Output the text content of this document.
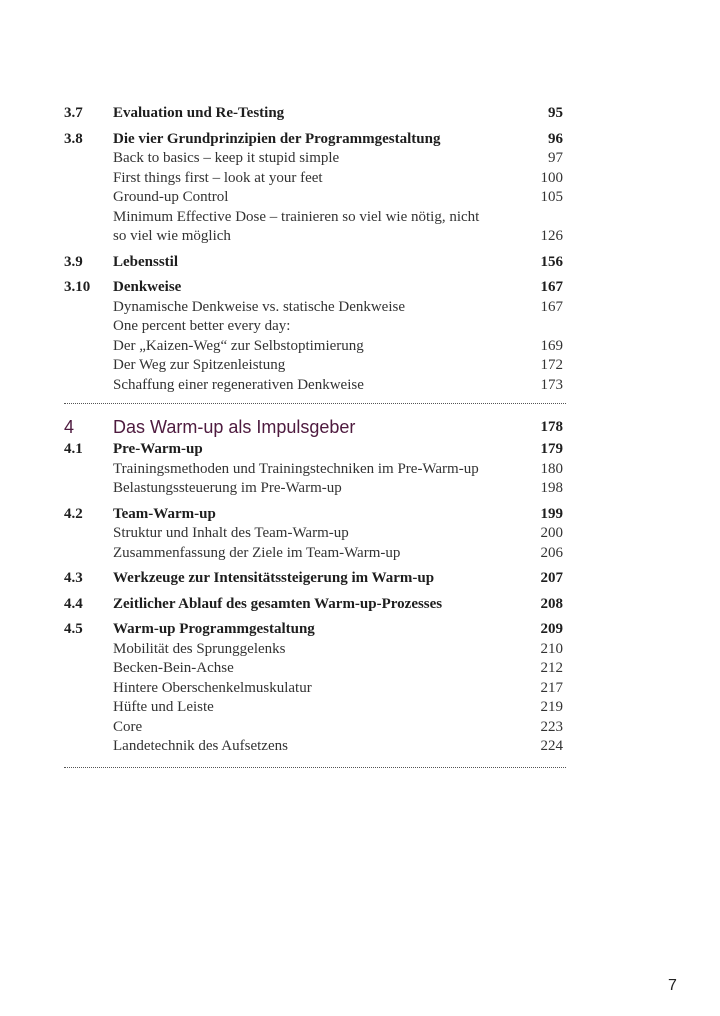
3.7 Evaluation und Re-Testing	95
3.8 Die vier Grundprinzipien der Programmgestaltung	96
Back to basics – keep it stupid simple	97
First things first – look at your feet	100
Ground-up Control	105
Minimum Effective Dose – trainieren so viel wie nötig, nicht
so viel wie möglich	126
3.9 Lebensstil	156
3.10 Denkweise	167
Dynamische Denkweise vs. statische Denkweise	167
One percent better every day:
Der „Kaizen-Weg“ zur Selbstoptimierung	169
Der Weg zur Spitzenleistung	172
Schaffung einer regenerativen Denkweise	173
4 Das Warm-up als Impulsgeber	178
4.1 Pre-Warm-up	179
Trainingsmethoden und Trainingstechniken im Pre-Warm-up	180
Belastungssteuerung im Pre-Warm-up	198
4.2 Team-Warm-up	199
Struktur und Inhalt des Team-Warm-up	200
Zusammenfassung der Ziele im Team-Warm-up	206
4.3 Werkzeuge zur Intensitätssteigerung im Warm-up	207
4.4 Zeitlicher Ablauf des gesamten Warm-up-Prozesses	208
4.5 Warm-up Programmgestaltung	209
Mobilität des Sprunggelenks	210
Becken-Bein-Achse	212
Hintere Oberschenkelmuskulatur	217
Hüfte und Leiste	219
Core	223
Landetechnik des Aufsetzens	224
7
